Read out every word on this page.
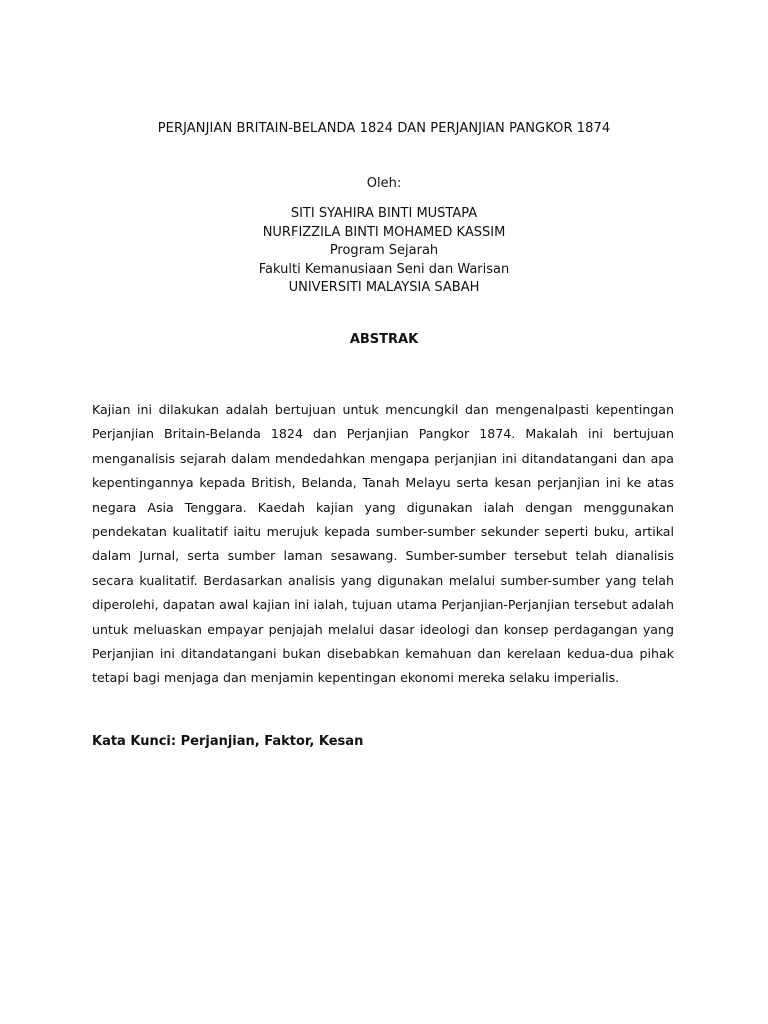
PERJANJIAN BRITAIN-BELANDA 1824 DAN PERJANJIAN PANGKOR 1874
Oleh:
SITI SYAHIRA BINTI MUSTAPA
NURFIZZILA BINTI MOHAMED KASSIM
Program Sejarah
Fakulti Kemanusiaan Seni dan Warisan
UNIVERSITI MALAYSIA SABAH
ABSTRAK
Kajian ini dilakukan adalah bertujuan untuk mencungkil dan mengenalpasti kepentingan Perjanjian Britain-Belanda 1824 dan Perjanjian Pangkor 1874. Makalah ini bertujuan menganalisis sejarah dalam mendedahkan mengapa perjanjian ini ditandatangani dan apa kepentingannya kepada British, Belanda, Tanah Melayu serta kesan perjanjian ini ke atas negara Asia Tenggara. Kaedah kajian yang digunakan ialah dengan menggunakan pendekatan kualitatif iaitu merujuk kepada sumber-sumber sekunder seperti buku, artikal dalam Jurnal, serta sumber laman sesawang. Sumber-sumber tersebut telah dianalisis secara kualitatif. Berdasarkan analisis yang digunakan melalui sumber-sumber yang telah diperolehi, dapatan awal kajian ini ialah, tujuan utama Perjanjian-Perjanjian tersebut adalah untuk meluaskan empayar penjajah melalui dasar ideologi dan konsep perdagangan yang Perjanjian ini ditandatangani bukan disebabkan kemahuan dan kerelaan kedua-dua pihak tetapi bagi menjaga dan menjamin kepentingan ekonomi mereka selaku imperialis.
Kata Kunci: Perjanjian, Faktor, Kesan
